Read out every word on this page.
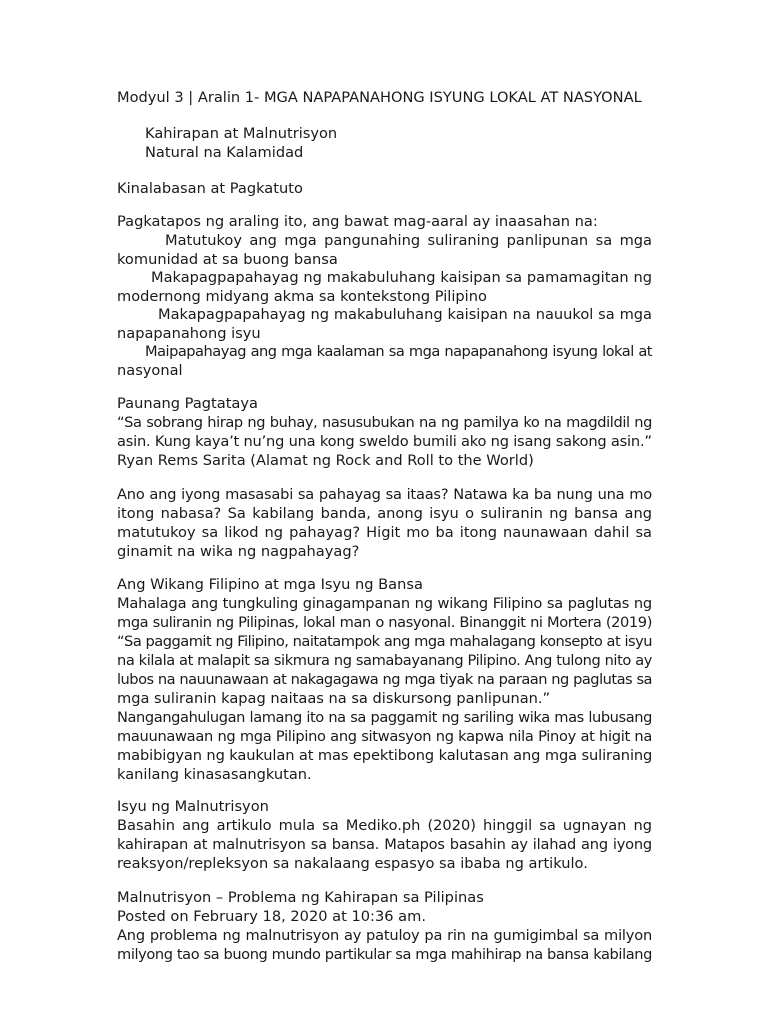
Modyul 3 | Aralin 1- MGA NAPAPANAHONG ISYUNG LOKAL AT NASYONAL

Kahirapan at Malnutrisyon

Natural na Kalamidad

Kinalabasan at Pagkatuto

Pagkatapos ng araling ito, ang bawat mag-aaral ay inaasahan na:

Matutukoy ang mga pangunahing suliraning panlipunan sa mga

komunidad at sa buong bansa

Makapagpapahayag ng makabuluhang kaisipan sa pamamagitan ng

modernong midyang akma sa kontekstong Pilipino

Makapagpapahayag ng makabuluhang kaisipan na nauukol sa mga

napapanahong isyu

Maipapahayag ang mga kaalaman sa mga napapanahong isyung lokal at

nasyonal

Paunang Pagtataya

“Sa sobrang hirap ng buhay, nasusubukan na ng pamilya ko na magdildil ng

asin. Kung kaya’t nu’ng una kong sweldo bumili ako ng isang sakong asin.”

Ryan Rems Sarita (Alamat ng Rock and Roll to the World)

Ano ang iyong masasabi sa pahayag sa itaas? Natawa ka ba nung una mo

itong nabasa? Sa kabilang banda, anong isyu o suliranin ng bansa ang

matutukoy sa likod ng pahayag? Higit mo ba itong naunawaan dahil sa

ginamit na wika ng nagpahayag?

Ang Wikang Filipino at mga Isyu ng Bansa

Mahalaga ang tungkuling ginagampanan ng wikang Filipino sa paglutas ng

mga suliranin ng Pilipinas, lokal man o nasyonal. Binanggit ni Mortera (2019)

“Sa paggamit ng Filipino, naitatampok ang mga mahalagang konsepto at isyu

na kilala at malapit sa sikmura ng samabayanang Pilipino. Ang tulong nito ay

lubos na nauunawaan at nakagagawa ng mga tiyak na paraan ng paglutas sa

mga suliranin kapag naitaas na sa diskursong panlipunan.”

Nangangahulugan lamang ito na sa paggamit ng sariling wika mas lubusang

mauunawaan ng mga Pilipino ang sitwasyon ng kapwa nila Pinoy at higit na

mabibigyan ng kaukulan at mas epektibong kalutasan ang mga suliraning

kanilang kinasasangkutan.

Isyu ng Malnutrisyon

Basahin ang artikulo mula sa Mediko.ph (2020) hinggil sa ugnayan ng

kahirapan at malnutrisyon sa bansa. Matapos basahin ay ilahad ang iyong

reaksyon/repleksyon sa nakalaang espasyo sa ibaba ng artikulo.

Malnutrisyon – Problema ng Kahirapan sa Pilipinas

Posted on February 18, 2020 at 10:36 am.

Ang problema ng malnutrisyon ay patuloy pa rin na gumigimbal sa milyon

milyong tao sa buong mundo partikular sa mga mahihirap na bansa kabilang
